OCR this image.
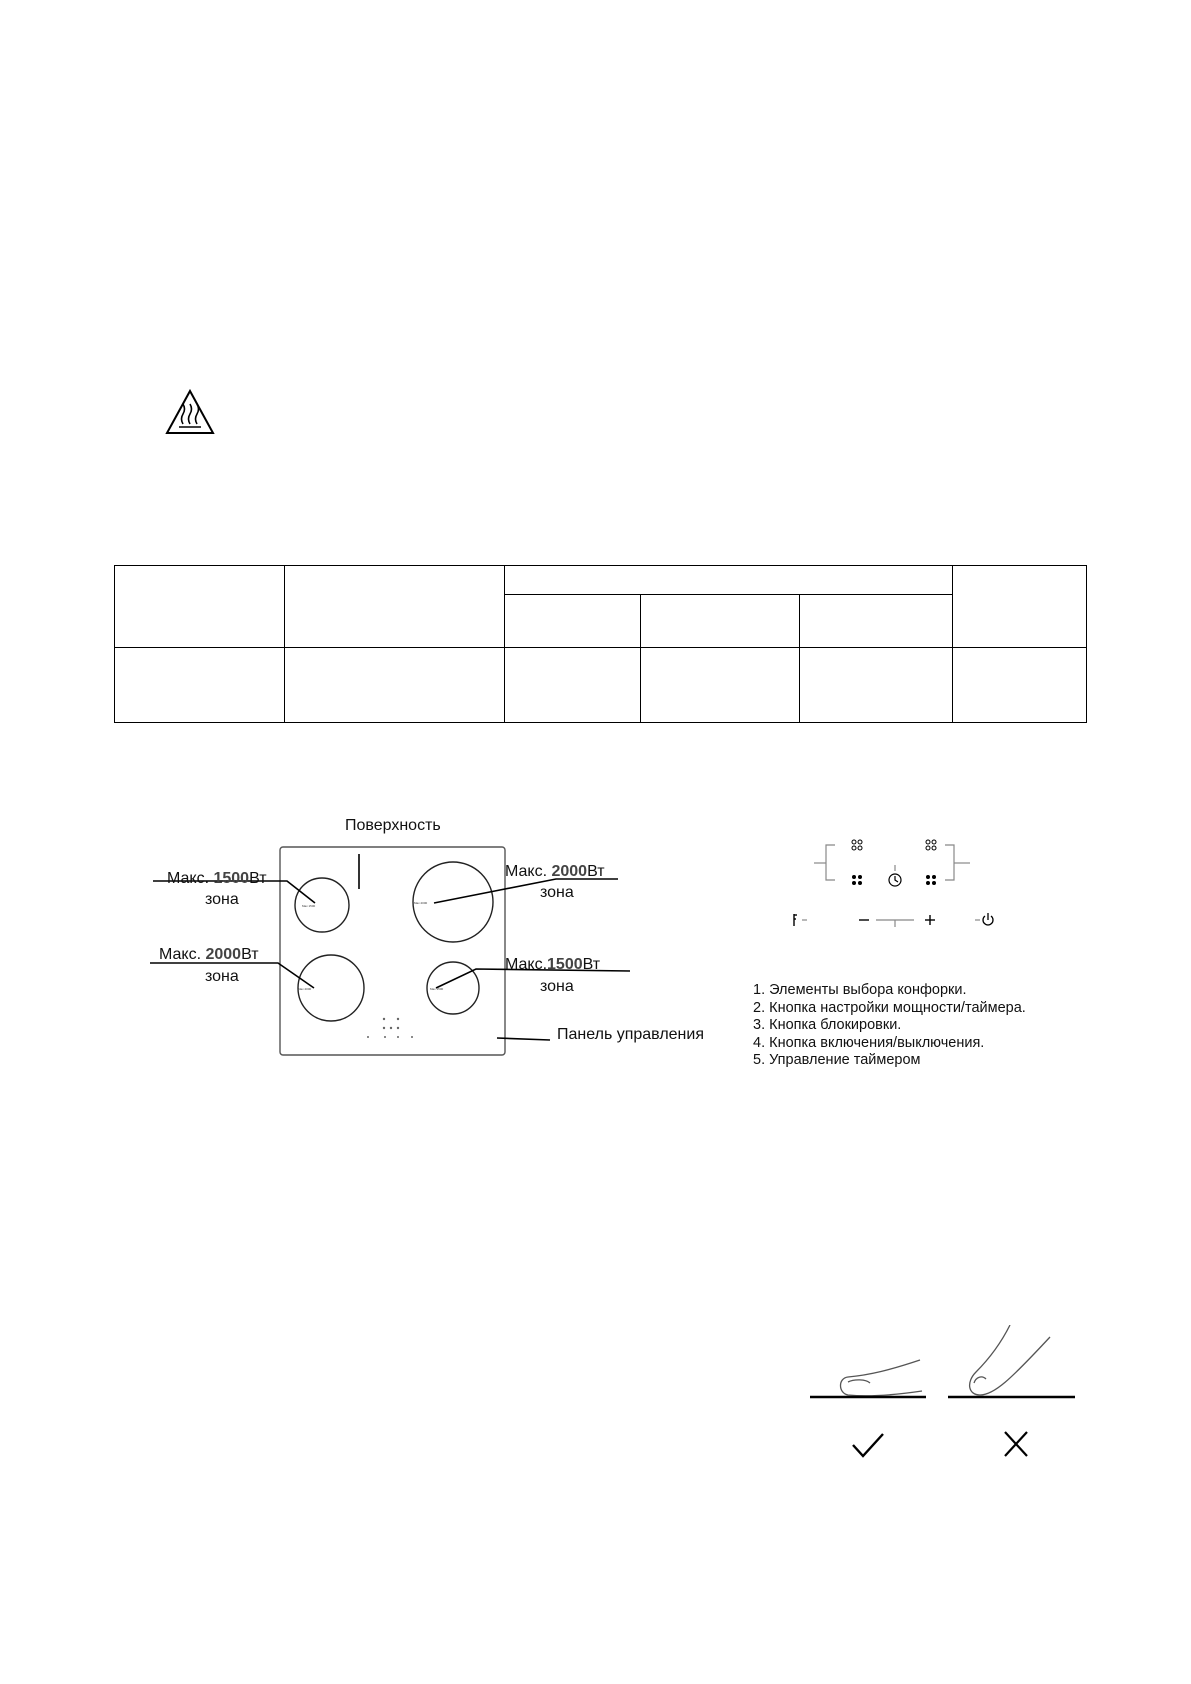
Max 1500
Max 2000
Max 2000	Max 1500
Поверхность
Макс. 1500Вт
зона
Макс. 2000Вт
зона
Макс. 2000Вт
зона
Макс.1500Вт
зона
Панель управления
1. Элементы выбора конфорки.
2. Кнопка настройки мощности/таймера.
3. Кнопка блокировки.
4. Кнопка включения/выключения.
5. Управление таймером
